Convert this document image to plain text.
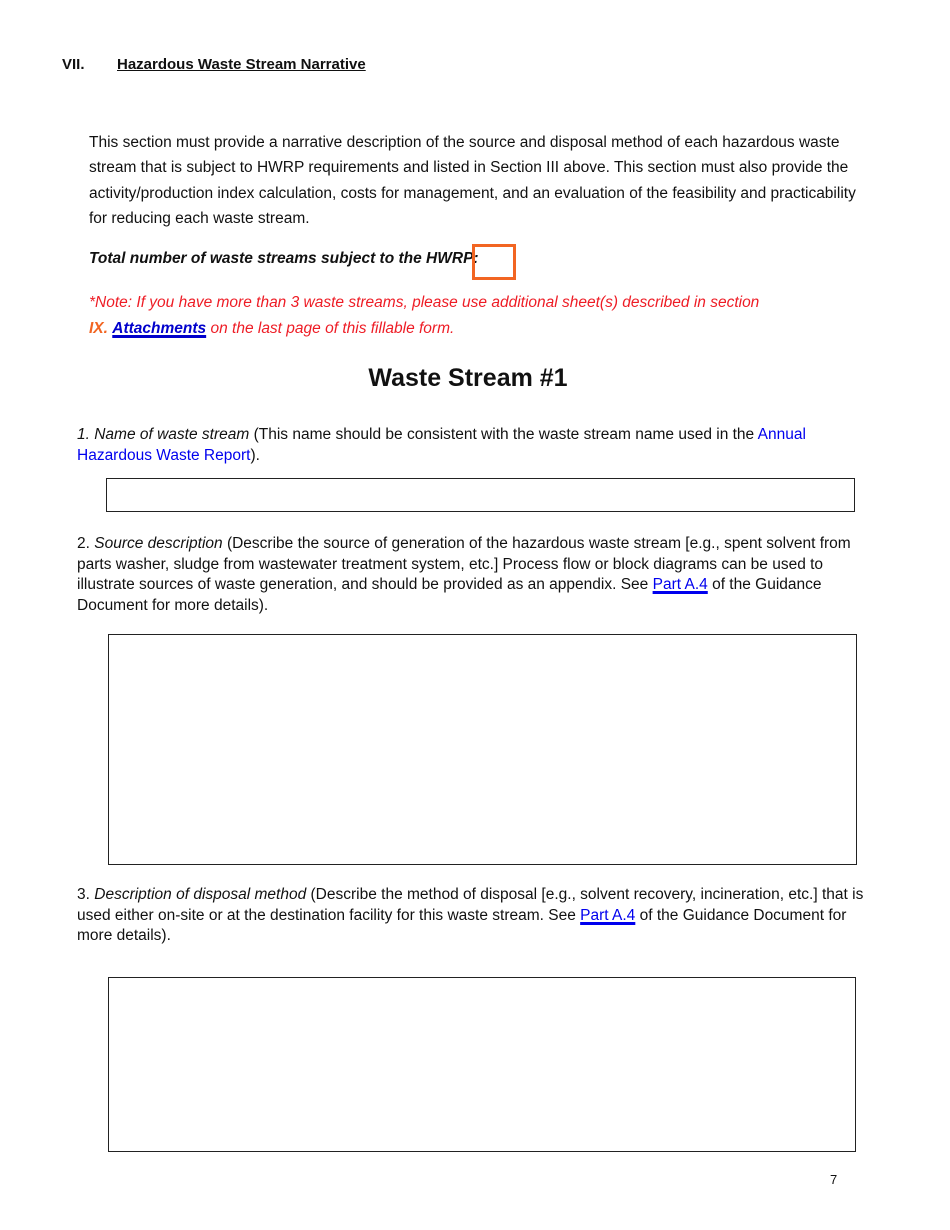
VII. Hazardous Waste Stream Narrative
This section must provide a narrative description of the source and disposal method of each hazardous waste stream that is subject to HWRP requirements and listed in Section III above. This section must also provide the activity/production index calculation, costs for management, and an evaluation of the feasibility and practicability for reducing each waste stream.
Total number of waste streams subject to the HWRP:
*Note: If you have more than 3 waste streams, please use additional sheet(s) described in section
IX. Attachments on the last page of this fillable form.
Waste Stream #1
1. Name of waste stream (This name should be consistent with the waste stream name used in the Annual Hazardous Waste Report).
2. Source description (Describe the source of generation of the hazardous waste stream [e.g., spent solvent from parts washer, sludge from wastewater treatment system, etc.] Process flow or block diagrams can be used to illustrate sources of waste generation, and should be provided as an appendix. See Part A.4 of the Guidance Document for more details).
3. Description of disposal method (Describe the method of disposal [e.g., solvent recovery, incineration, etc.] that is used either on-site or at the destination facility for this waste stream. See Part A.4 of the Guidance Document for more details).
7
